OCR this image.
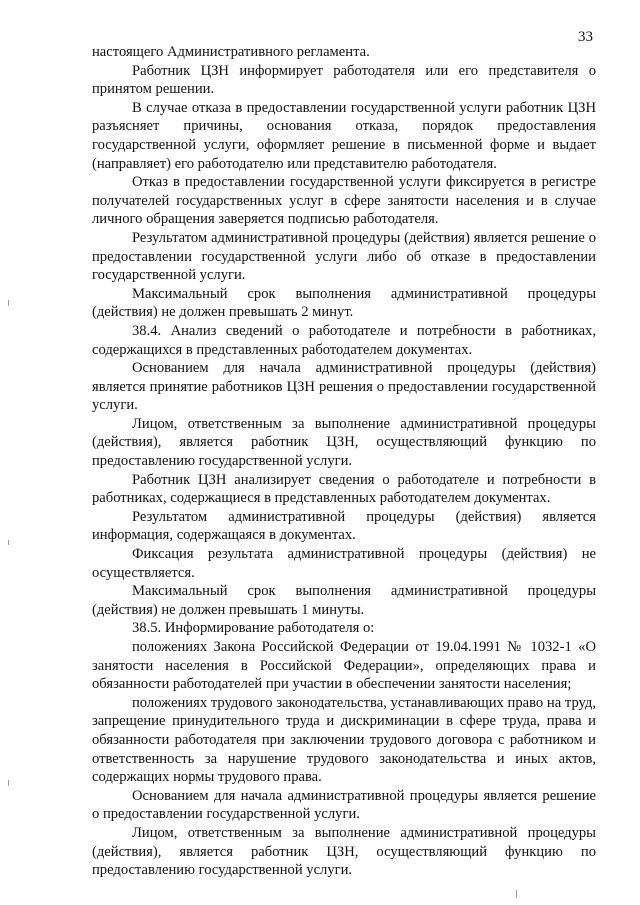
33

настоящего Административного регламента.

Работник ЦЗН информирует работодателя или его представителя о принятом решении.

В случае отказа в предоставлении государственной услуги работник ЦЗН разъясняет причины, основания отказа, порядок предоставления государственной услуги, оформляет решение в письменной форме и выдает (направляет) его работодателю или представителю работодателя.

Отказ в предоставлении государственной услуги фиксируется в регистре получателей государственных услуг в сфере занятости населения и в случае личного обращения заверяется подписью работодателя.

Результатом административной процедуры (действия) является решение о предоставлении государственной услуги либо об отказе в предоставлении государственной услуги.

Максимальный срок выполнения административной процедуры (действия) не должен превышать 2 минут.

38.4. Анализ сведений о работодателе и потребности в работниках, содержащихся в представленных работодателем документах.

Основанием для начала административной процедуры (действия) является принятие работников ЦЗН решения о предоставлении государственной услуги.

Лицом, ответственным за выполнение административной процедуры (действия), является работник ЦЗН, осуществляющий функцию по предоставлению государственной услуги.

Работник ЦЗН анализирует сведения о работодателе и потребности в работниках, содержащиеся в представленных работодателем документах.

Результатом административной процедуры (действия) является информация, содержащаяся в документах.

Фиксация результата административной процедуры (действия) не осуществляется.

Максимальный срок выполнения административной процедуры (действия) не должен превышать 1 минуты.

38.5. Информирование работодателя о:

положениях Закона Российской Федерации от 19.04.1991 № 1032-1 «О занятости населения в Российской Федерации», определяющих права и обязанности работодателей при участии в обеспечении занятости населения;

положениях трудового законодательства, устанавливающих право на труд, запрещение принудительного труда и дискриминации в сфере труда, права и обязанности работодателя при заключении трудового договора с работником и ответственность за нарушение трудового законодательства и иных актов, содержащих нормы трудового права.

Основанием для начала административной процедуры является решение о предоставлении государственной услуги.

Лицом, ответственным за выполнение административной процедуры (действия), является работник ЦЗН, осуществляющий функцию по предоставлению государственной услуги.
